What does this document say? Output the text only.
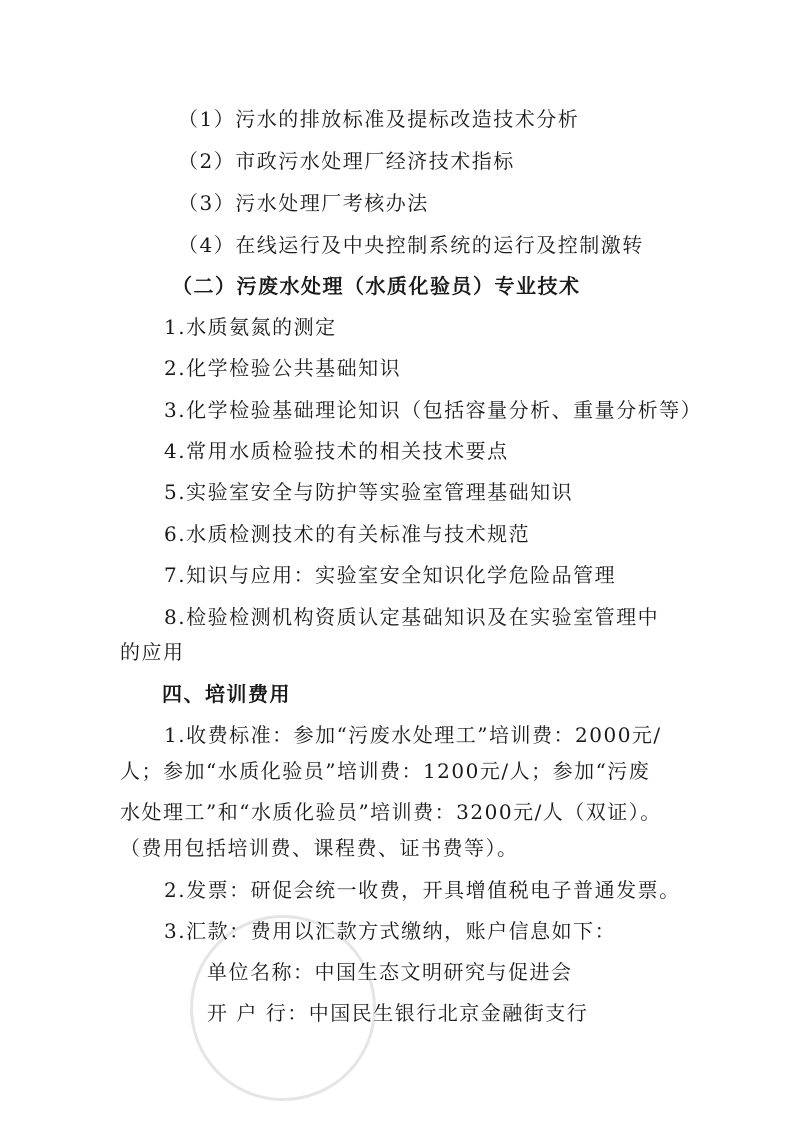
（1）污水的排放标准及提标改造技术分析
（2）市政污水处理厂经济技术指标
（3）污水处理厂考核办法
（4）在线运行及中央控制系统的运行及控制激转
（二）污废水处理（水质化验员）专业技术
1.水质氨氮的测定
2.化学检验公共基础知识
3.化学检验基础理论知识（包括容量分析、重量分析等）
4.常用水质检验技术的相关技术要点
5.实验室安全与防护等实验室管理基础知识
6.水质检测技术的有关标准与技术规范
7.知识与应用：实验室安全知识化学危险品管理
8.检验检测机构资质认定基础知识及在实验室管理中
的应用
四、培训费用
1.收费标准：参加“污废水处理工”培训费：2000元/
人；参加“水质化验员”培训费：1200元/人；参加“污废
水处理工”和“水质化验员”培训费：3200元/人（双证）。
（费用包括培训费、课程费、证书费等）。
2.发票：研促会统一收费，开具增值税电子普通发票。
3.汇款：费用以汇款方式缴纳，账户信息如下：
单位名称：中国生态文明研究与促进会
开 户 行：中国民生银行北京金融街支行
